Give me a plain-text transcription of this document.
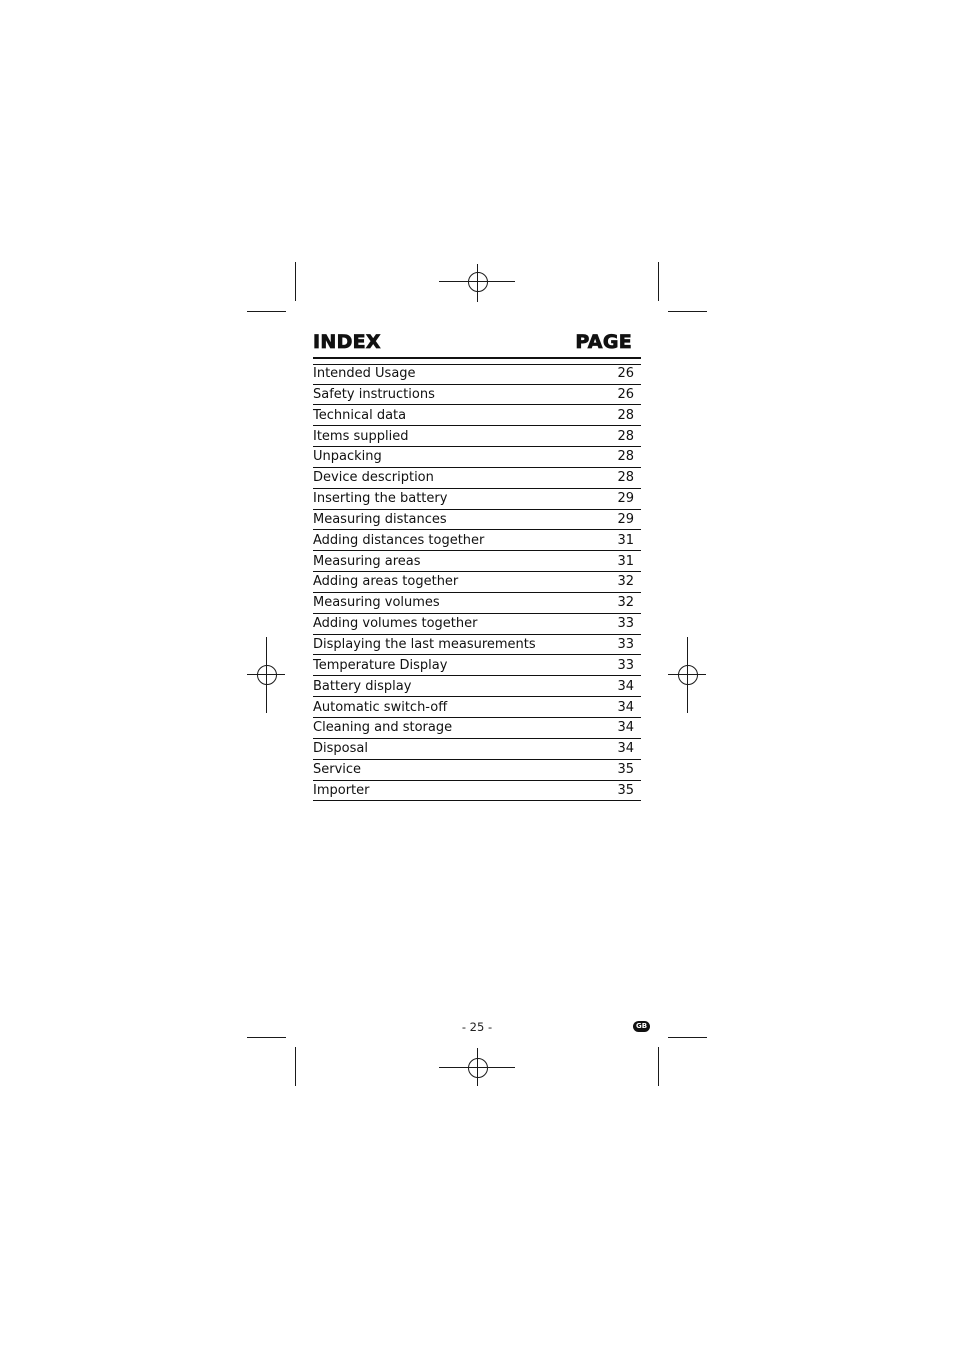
INDEX	PAGE
Intended Usage	26
Safety instructions	26
Technical data	28
Items supplied	28
Unpacking	28
Device description	28
Inserting the battery	29
Measuring distances	29
Adding distances together	31
Measuring areas	31
Adding areas together	32
Measuring volumes	32
Adding volumes together	33
Displaying the last measurements	33
Temperature Display	33
Battery display	34
Automatic switch-off	34
Cleaning and storage	34
Disposal	34
Service	35
Importer	35
- 25 -	GB
